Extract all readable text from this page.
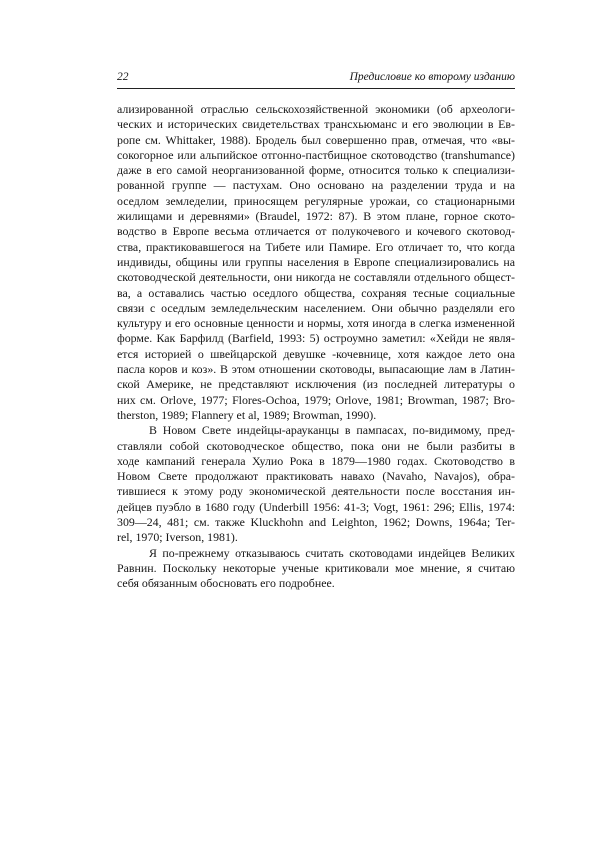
22	Предисловие ко второму изданию

ализированной отраслью сельскохозяйственной экономики (об археологи-
ческих и исторических свидетельствах трансхьюманс и его эволюции в Ев-
ропе см. Whittaker, 1988). Бродель был совершенно прав, отмечая, что «вы-
сокогорное или альпийское отгонно-пастбищное скотоводство (transhumance)
даже в его самой неорганизованной форме, относится только к специализи-
рованной группе — пастухам. Оно основано на разделении труда и на
оседлом земледелии, приносящем регулярные урожаи, со стационарными
жилищами и деревнями» (Braudel, 1972: 87). В этом плане, горное ското-
водство в Европе весьма отличается от полукочевого и кочевого скотовод-
ства, практиковавшегося на Тибете или Памире. Его отличает то, что когда
индивиды, общины или группы населения в Европе специализировались на
скотоводческой деятельности, они никогда не составляли отдельного общест-
ва, а оставались частью оседлого общества, сохраняя тесные социальные
связи с оседлым земледельческим населением. Они обычно разделяли его
культуру и его основные ценности и нормы, хотя иногда в слегка измененной
форме. Как Барфилд (Barfield, 1993: 5) остроумно заметил: «Хейди не явля-
ется историей о швейцарской девушке -кочевнице, хотя каждое лето она
пасла коров и коз». В этом отношении скотоводы, выпасающие лам в Латин-
ской Америке, не представляют исключения (из последней литературы о
них см. Orlove, 1977; Flores-Ochoa, 1979; Orlove, 1981; Browman, 1987; Bro-
therston, 1989; Flannery et al, 1989; Browman, 1990).

В Новом Свете индейцы-арауканцы в пампасах, по-видимому, пред-
ставляли собой скотоводческое общество, пока они не были разбиты в
ходе кампаний генерала Хулио Рока в 1879—1980 годах. Скотоводство в
Новом Свете продолжают практиковать навахо (Navaho, Navajos), обра-
тившиеся к этому роду экономической деятельности после восстания ин-
дейцев пуэбло в 1680 году (Underbill 1956: 41-3; Vogt, 1961: 296; Ellis, 1974:
309—24, 481; см. также Kluckhohn and Leighton, 1962; Downs, 1964a; Ter-
rel, 1970; Iverson, 1981).

Я по-прежнему отказываюсь считать скотоводами индейцев Великих
Равнин. Поскольку некоторые ученые критиковали мое мнение, я считаю
себя обязанным обосновать его подробнее.
